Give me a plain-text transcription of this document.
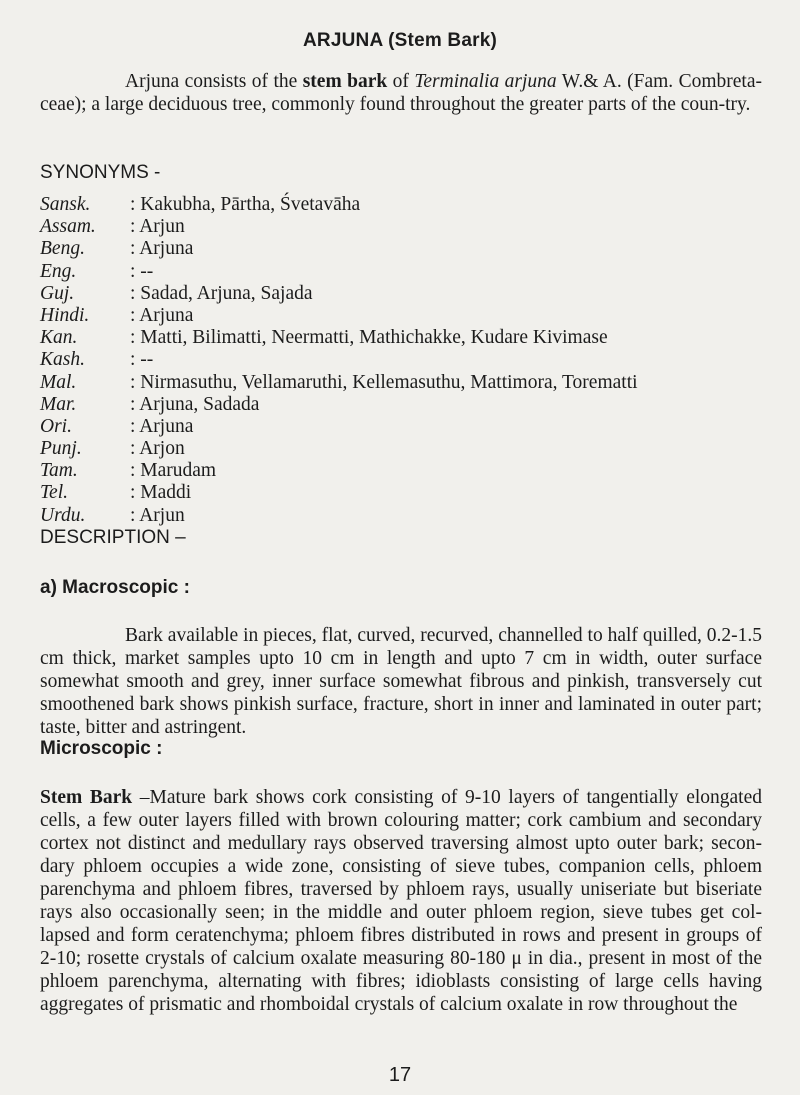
ARJUNA (Stem Bark)
Arjuna consists of the stem bark of Terminalia arjuna W.& A. (Fam. Combreta-ceae); a large deciduous tree, commonly found throughout the greater parts of the coun-try.
SYNONYMS -
Sansk. : Kakubha, Pārtha, Śvetavāha
Assam. : Arjun
Beng. : Arjuna
Eng.	: --
Guj.	: Sadad, Arjuna, Sajada
Hindi. : Arjuna
Kan.	: Matti, Bilimatti, Neermatti, Mathichakke, Kudare Kivimase
Kash. : --
Mal.	: Nirmasuthu, Vellamaruthi, Kellemasuthu, Mattimora, Torematti
Mar.	: Arjuna, Sadada
Ori.	: Arjuna
Punj. : Arjon
Tam.	: Marudam
Tel.	: Maddi
Urdu. : Arjun
DESCRIPTION –
a) Macroscopic :
Bark available in pieces, flat, curved, recurved, channelled to half quilled, 0.2-1.5 cm thick, market samples upto 10 cm in length and upto 7 cm in width, outer surface somewhat smooth and grey, inner surface somewhat fibrous and pinkish, transversely cut smoothened bark shows pinkish surface, fracture, short in inner and laminated in outer part; taste, bitter and astringent.
Microscopic :
Stem Bark –Mature bark shows cork consisting of 9-10 layers of tangentially elongated cells, a few outer layers filled with brown colouring matter; cork cambium and secondary cortex not distinct and medullary rays observed traversing almost upto outer bark; secon-dary phloem occupies a wide zone, consisting of sieve tubes, companion cells, phloem parenchyma and phloem fibres, traversed by phloem rays, usually uniseriate but biseriate rays also occasionally seen; in the middle and outer phloem region, sieve tubes get col-lapsed and form ceratenchyma; phloem fibres distributed in rows and present in groups of 2-10; rosette crystals of calcium oxalate measuring 80-180 μ in dia., present in most of the phloem parenchyma, alternating with fibres; idioblasts consisting of large cells having aggregates of prismatic and rhomboidal crystals of calcium oxalate in row throughout the
17
